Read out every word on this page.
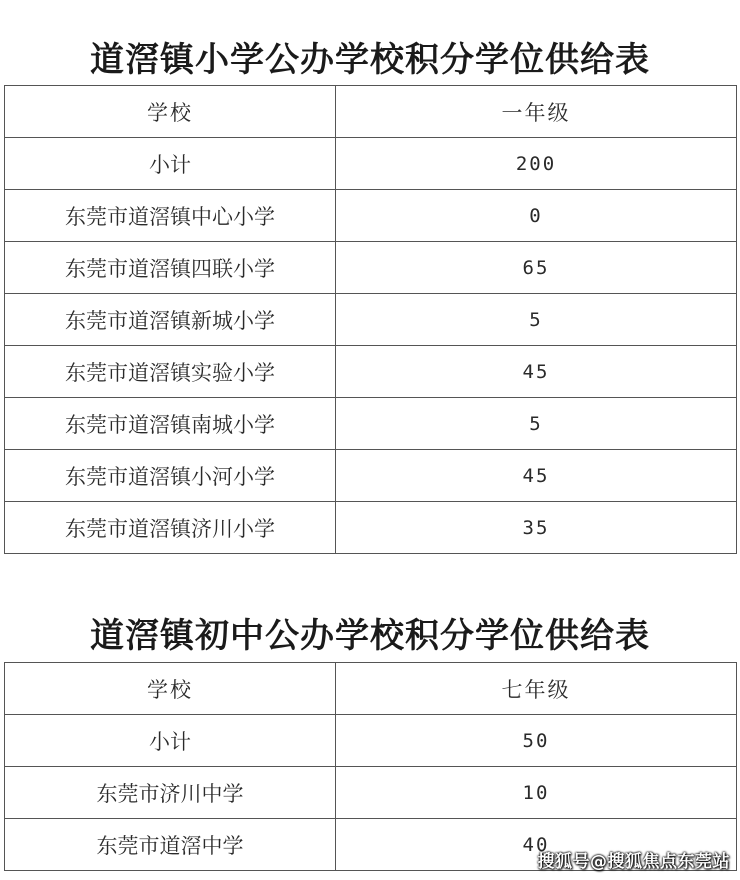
道滘镇小学公办学校积分学位供给表
学校	一年级
小计	200
东莞市道滘镇中心小学	0
东莞市道滘镇四联小学	65
东莞市道滘镇新城小学	5
东莞市道滘镇实验小学	45
东莞市道滘镇南城小学	5
东莞市道滘镇小河小学	45
东莞市道滘镇济川小学	35
道滘镇初中公办学校积分学位供给表
学校	七年级
小计	50
东莞市济川中学	10
东莞市道滘中学	40
搜狐号@搜狐焦点东莞站
